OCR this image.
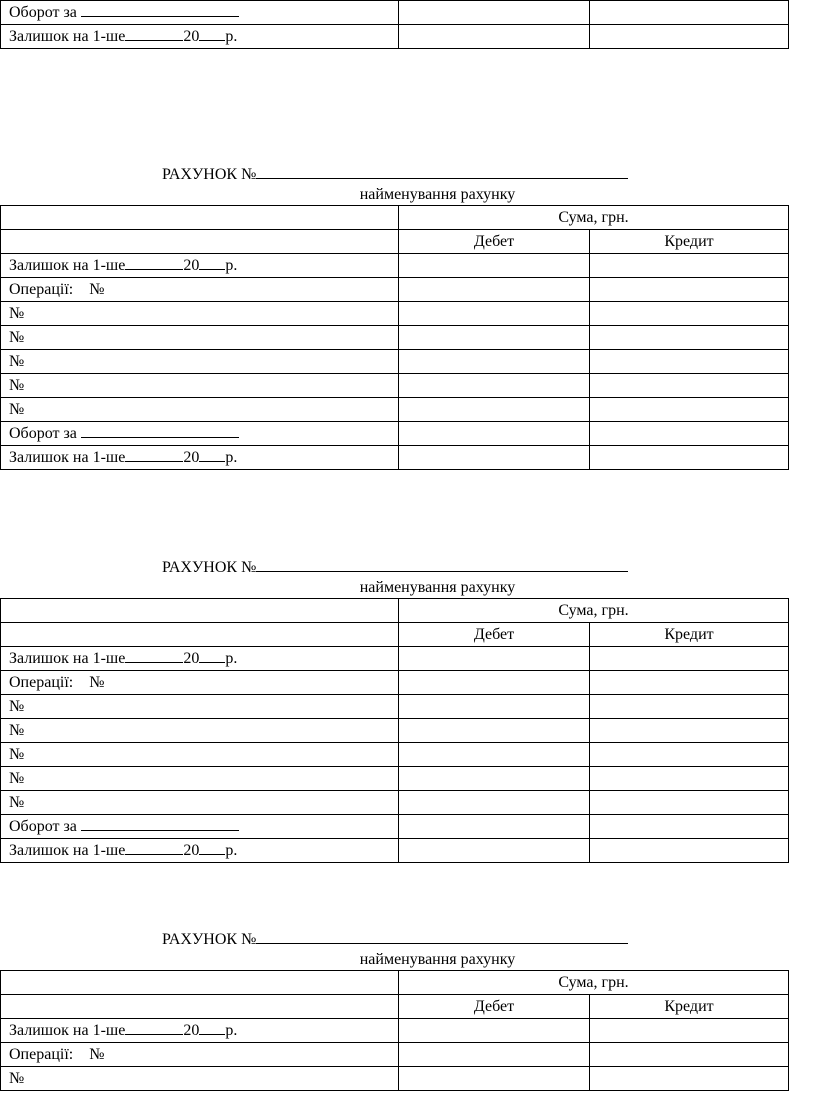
Оборот за		
Залишок на 1-ше 20 р.		
РАХУНОК №
найменування рахунку
	Сума, грн.	
	Дебет	Кредит
Залишок на 1-ше 20 р.		
Операції: №		
№		
№		
№		
№		
№		
Оборот за		
Залишок на 1-ше 20 р.		
РАХУНОК №
найменування рахунку
	Сума, грн.	
	Дебет	Кредит
Залишок на 1-ше 20 р.		
Операції: №		
№		
№		
№		
№		
№		
Оборот за		
Залишок на 1-ше 20 р.		
РАХУНОК №
найменування рахунку
	Сума, грн.	
	Дебет	Кредит
Залишок на 1-ше 20 р.		
Операції: №		
№		
